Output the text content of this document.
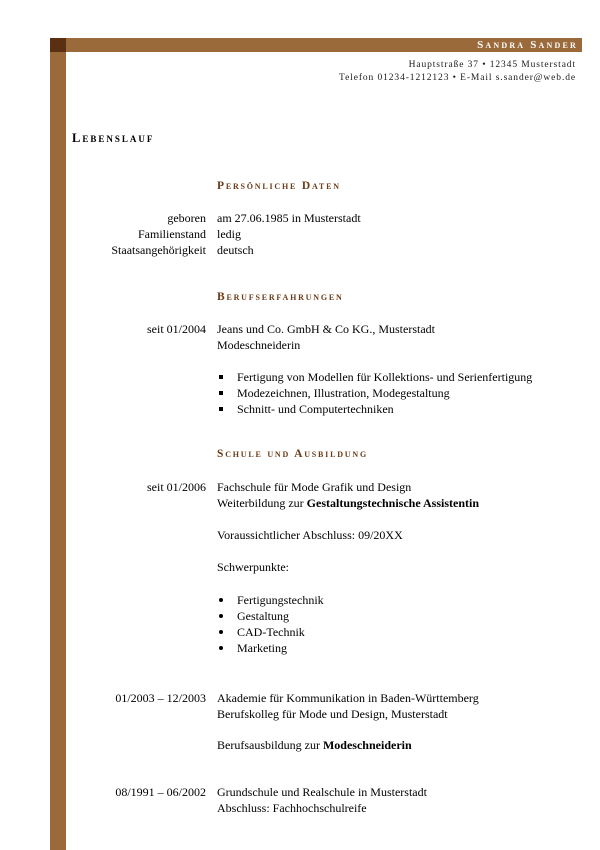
Sandra Sander
Hauptstraße 37 • 12345 Musterstadt
Telefon 01234-1212123 • E-Mail s.sander@web.de
Lebenslauf
Persönliche Daten
geboren am 27.06.1985 in Musterstadt
Familienstand ledig
Staatsangehörigkeit deutsch
Berufserfahrungen
seit 01/2004 Jeans und Co. GmbH & Co KG., Musterstadt
Modeschneiderin
Fertigung von Modellen für Kollektions- und Serienfertigung
Modezeichnen, Illustration, Modegestaltung
Schnitt- und Computertechniken
Schule und Ausbildung
seit 01/2006 Fachschule für Mode Grafik und Design
Weiterbildung zur Gestaltungstechnische Assistentin
Voraussichtlicher Abschluss: 09/20XX
Schwerpunkte:
Fertigungstechnik
Gestaltung
CAD-Technik
Marketing
01/2003 – 12/2003 Akademie für Kommunikation in Baden-Württemberg
Berufskolleg für Mode und Design, Musterstadt
Berufsausbildung zur Modeschneiderin
08/1991 – 06/2002 Grundschule und Realschule in Musterstadt
Abschluss: Fachhochschulreife
